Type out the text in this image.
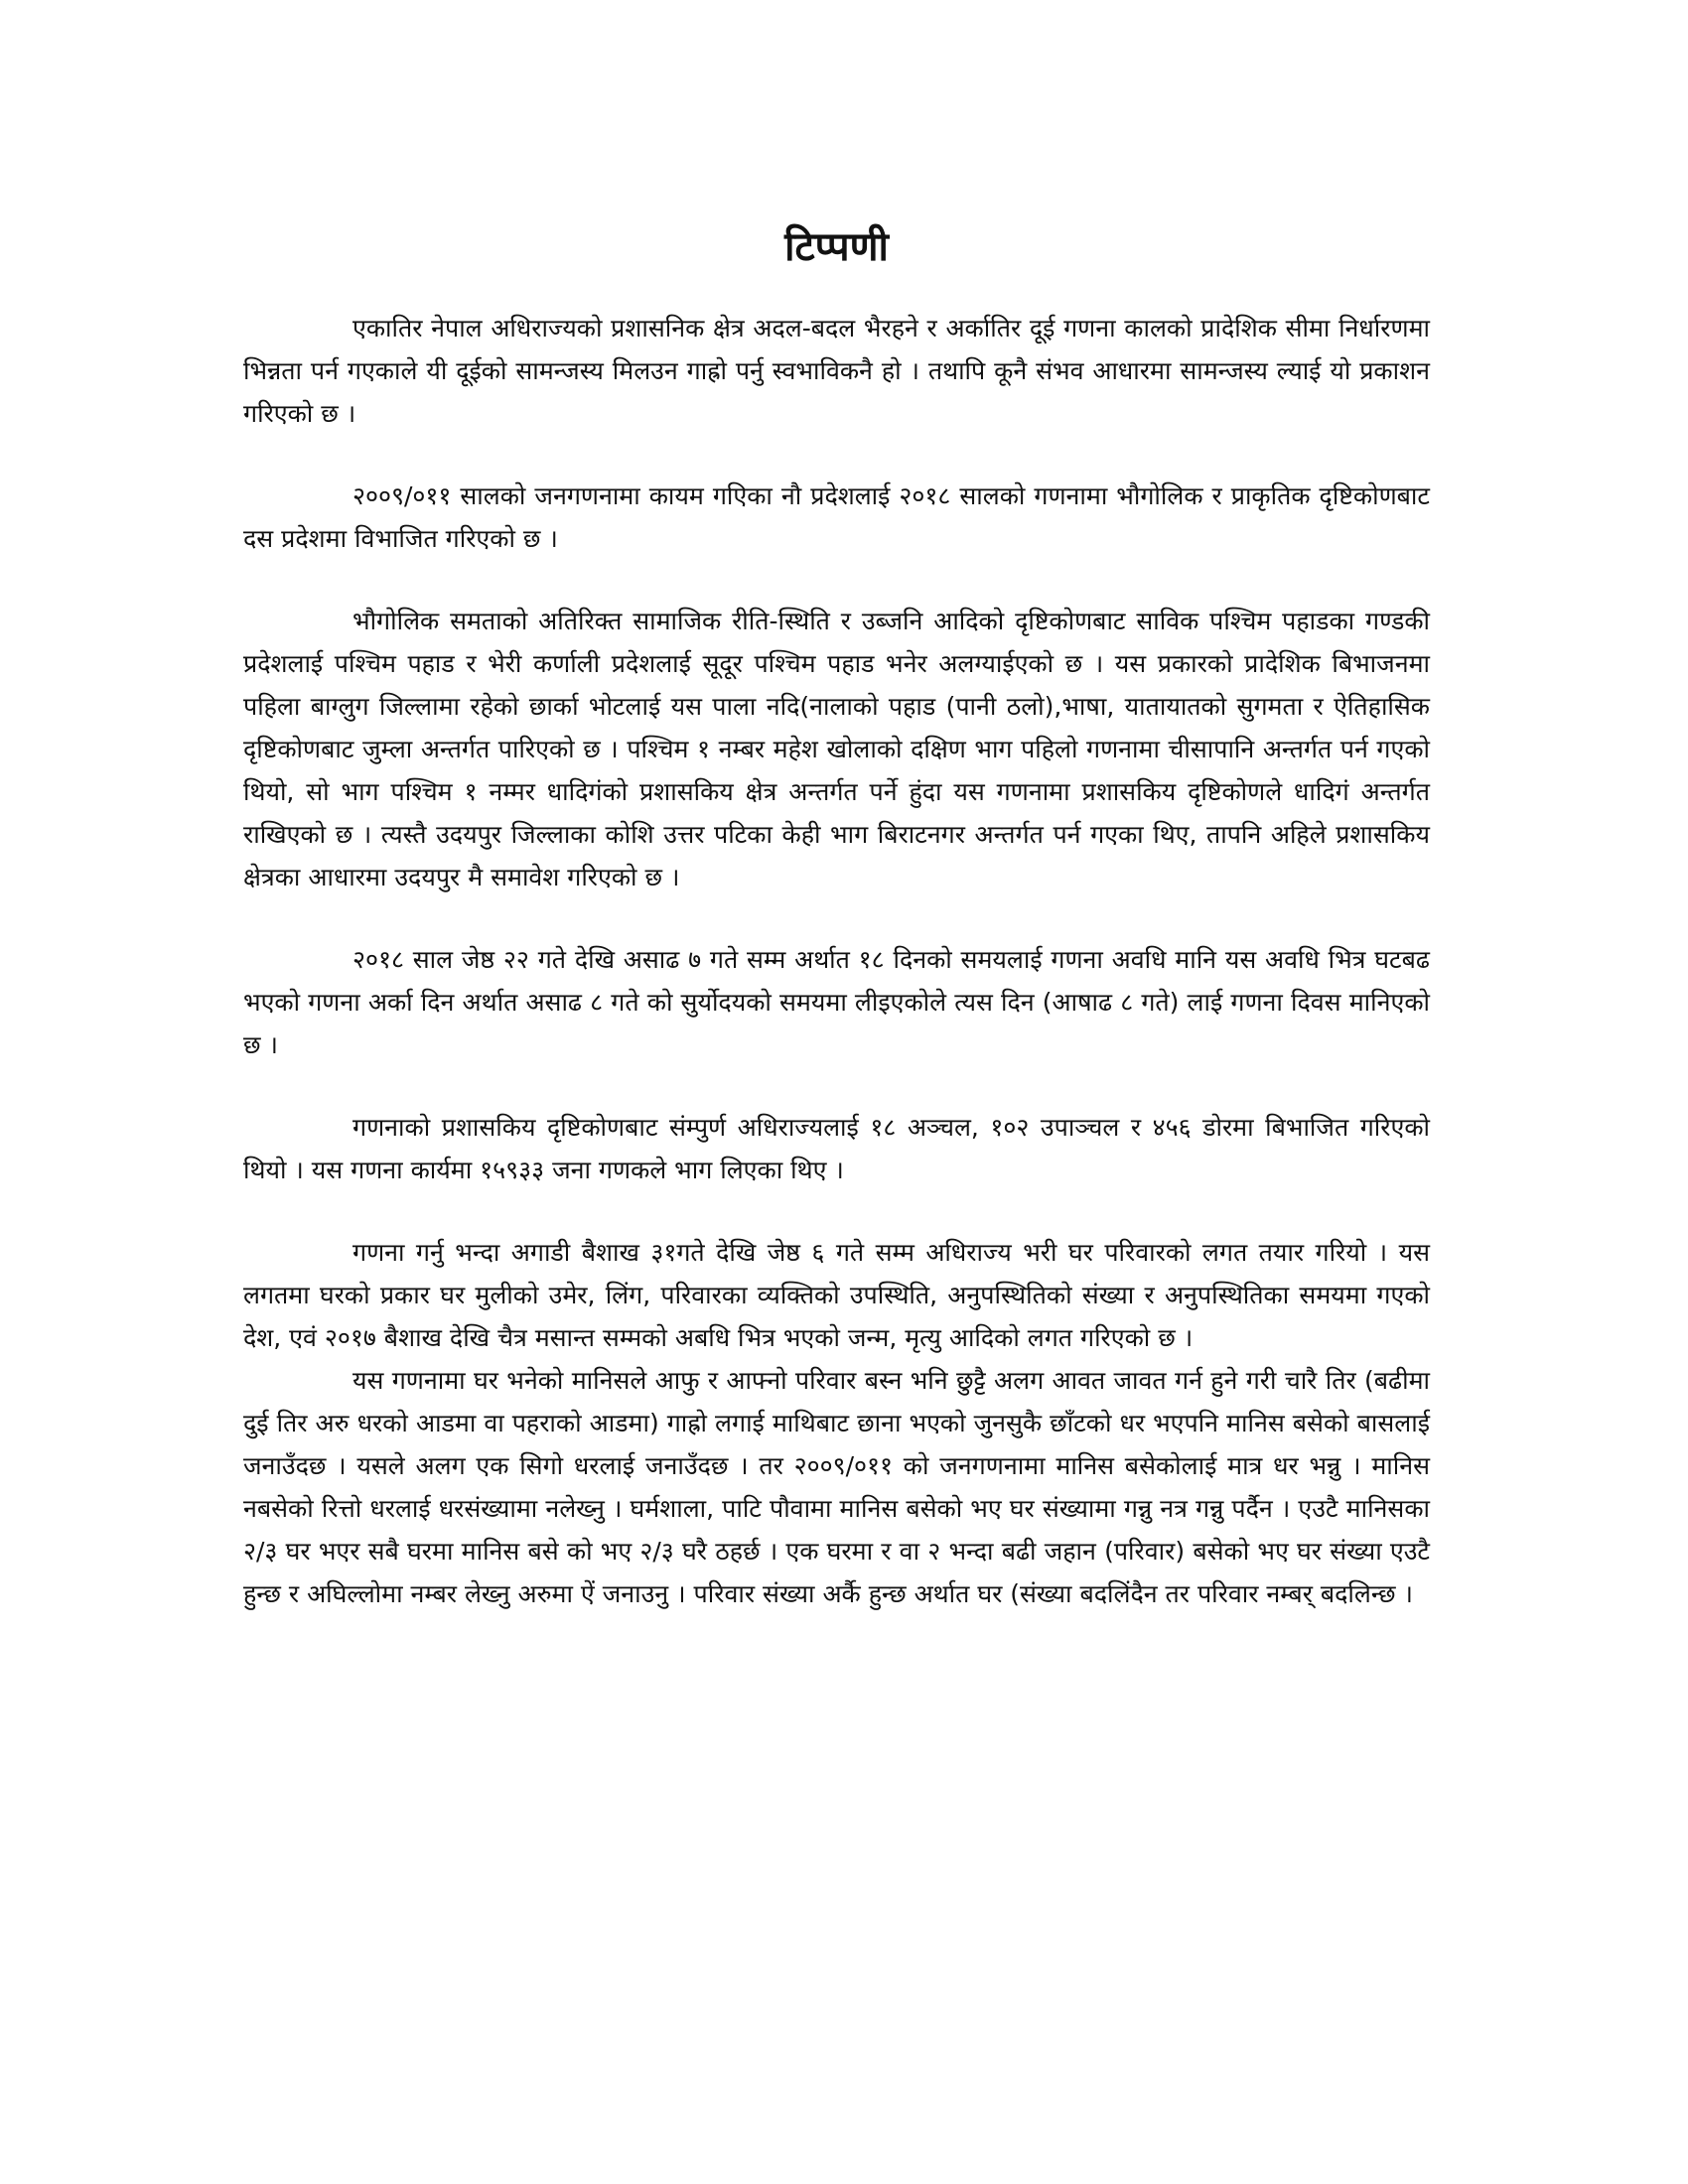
टिप्पणी

एकातिर नेपाल अधिराज्यको प्रशासनिक क्षेत्र अदल-बदल भैरहने र अर्कातिर दूई गणना कालको प्रादेशिक सीमा निर्धारणमा भिन्नता पर्न गएकाले यी दूईको सामन्जस्य मिलउन गाह्रो पर्नु स्वभाविकनै हो । तथापि कूनै संभव आधारमा सामन्जस्य ल्याई यो प्रकाशन गरिएको छ ।

२००९/०११ सालको जनगणनामा कायम गएिका नौ प्रदेशलाई २०१८ सालको गणनामा भौगोलिक र प्राकृतिक दृष्टिकोणबाट दस प्रदेशमा विभाजित गरिएको छ ।

भौगोलिक समताको अतिरिक्त सामाजिक रीति-स्थिति र उब्जनि आदिको दृष्टिकोणबाट साविक पश्चिम पहाडका गण्डकी प्रदेशलाई पश्चिम पहाड र भेरी कर्णाली प्रदेशलाई सूदूर पश्चिम पहाड भनेर अलग्याईएको छ । यस प्रकारको प्रादेशिक बिभाजनमा पहिला बाग्लुग जिल्लामा रहेको छार्का भोटलाई यस पाला नदि(नालाको पहाड (पानी ठलो),भाषा, यातायातको सुगमता र ऐतिहासिक दृष्टिकोणबाट जुम्ला अन्तर्गत पारिएको छ । पश्चिम १ नम्बर महेश खोलाको दक्षिण भाग पहिलो गणनामा चीसापानि अन्तर्गत पर्न गएको थियो, सो भाग पश्चिम १ नम्मर धादिगंको प्रशासकिय क्षेत्र अन्तर्गत पर्ने हुंदा यस गणनामा प्रशासकिय दृष्टिकोणले धादिगं अन्तर्गत राखिएको छ । त्यस्तै उदयपुर जिल्लाका कोशि उत्तर पटिका केही भाग बिराटनगर अन्तर्गत पर्न गएका थिए, तापनि अहिले प्रशासकिय क्षेत्रका आधारमा उदयपुर मै समावेश गरिएको छ ।

२०१८ साल जेष्ठ २२ गते देखि असाढ ७ गते सम्म अर्थात १८ दिनको समयलाई गणना अवधि मानि यस अवधि भित्र घटबढ भएको गणना अर्का दिन अर्थात असाढ ८ गते को सुर्योदयको समयमा लीइएकोले त्यस दिन (आषाढ ८ गते) लाई गणना दिवस मानिएको छ ।

गणनाको प्रशासकिय दृष्टिकोणबाट संम्पुर्ण अधिराज्यलाई १८ अञ्चल, १०२ उपाञ्चल र ४५६ डोरमा बिभाजित गरिएको थियो । यस गणना कार्यमा १५९३३ जना गणकले भाग लिएका थिए ।

गणना गर्नु भन्दा अगाडी बैशाख ३१गते देखि जेष्ठ ६ गते सम्म अधिराज्य भरी घर परिवारको लगत तयार गरियो । यस लगतमा घरको प्रकार घर मुलीको उमेर, लिंग, परिवारका व्यक्तिको उपस्थिति, अनुपस्थितिको संख्या र अनुपस्थितिका समयमा गएको देश, एवं २०१७ बैशाख देखि चैत्र मसान्त सम्मको अबधि भित्र भएको जन्म, मृत्यु आदिको लगत गरिएको छ ।

यस गणनामा घर भनेको मानिसले आफु र आफ्नो परिवार बस्न भनि छुट्टै अलग आवत जावत गर्न हुने गरी चारै तिर (बढीमा दुई तिर अरु धरको आडमा वा पहराको आडमा) गाह्रो लगाई माथिबाट छाना भएको जुनसुकै छाँटको धर भएपनि मानिस बसेको बासलाई जनाउँदछ । यसले अलग एक सिगो धरलाई जनाउँदछ । तर २००९/०११ को जनगणनामा मानिस बसेकोलाई मात्र धर भन्नु । मानिस नबसेको रित्तो धरलाई धरसंख्यामा नलेख्नु । घर्मशाला, पाटि पौवामा मानिस बसेको भए घर संख्यामा गन्नु नत्र गन्नु पर्दैन । एउटै मानिसका २/३ घर भएर सबै घरमा मानिस बसे को भए २/३ घरै ठहर्छ । एक घरमा र वा २ भन्दा बढी जहान (परिवार) बसेको भए घर संख्या एउटै हुन्छ र अघिल्लोमा नम्बर लेख्नु अरुमा ऐं जनाउनु । परिवार संख्या अर्कै हुन्छ अर्थात घर (संख्या बदलिंदैन तर परिवार नम्बर् बदलिन्छ ।
